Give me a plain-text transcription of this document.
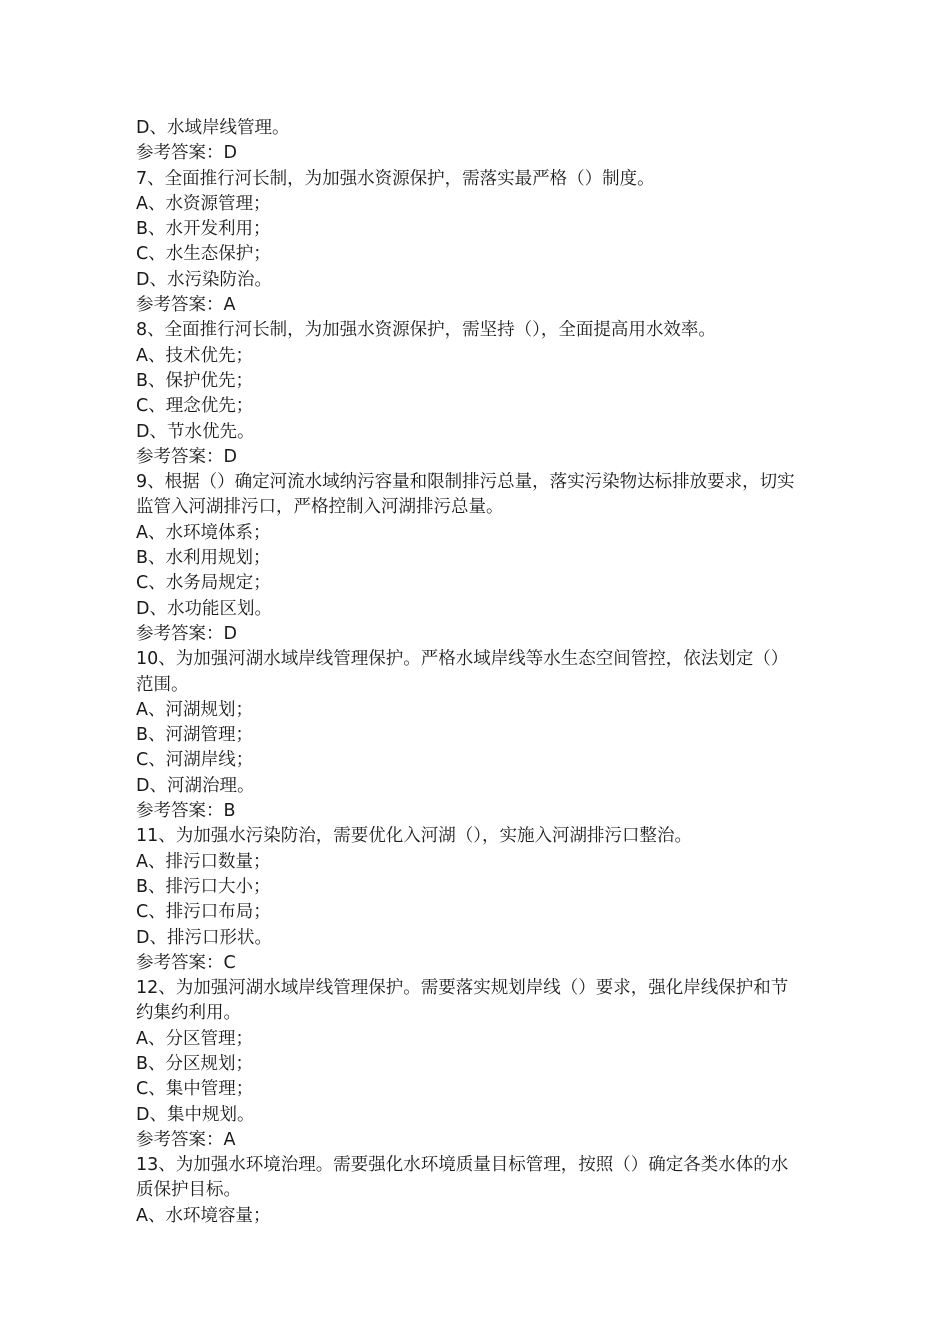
D、水域岸线管理。

参考答案：D

7、全面推行河长制，为加强水资源保护，需落实最严格（）制度。

A、水资源管理；

B、水开发利用；

C、水生态保护；

D、水污染防治。

参考答案：A

8、全面推行河长制，为加强水资源保护，需坚持（），全面提高用水效率。

A、技术优先；

B、保护优先；

C、理念优先；

D、节水优先。

参考答案：D

9、根据（）确定河流水域纳污容量和限制排污总量，落实污染物达标排放要求，切实

监管入河湖排污口，严格控制入河湖排污总量。

A、水环境体系；

B、水利用规划；

C、水务局规定；

D、水功能区划。

参考答案：D

10、为加强河湖水域岸线管理保护。严格水域岸线等水生态空间管控，依法划定（）

范围。

A、河湖规划；

B、河湖管理；

C、河湖岸线；

D、河湖治理。

参考答案：B

11、为加强水污染防治，需要优化入河湖（），实施入河湖排污口整治。

A、排污口数量；

B、排污口大小；

C、排污口布局；

D、排污口形状。

参考答案：C

12、为加强河湖水域岸线管理保护。需要落实规划岸线（）要求，强化岸线保护和节

约集约利用。

A、分区管理；

B、分区规划；

C、集中管理；

D、集中规划。

参考答案：A

13、为加强水环境治理。需要强化水环境质量目标管理，按照（）确定各类水体的水

质保护目标。

A、水环境容量；
